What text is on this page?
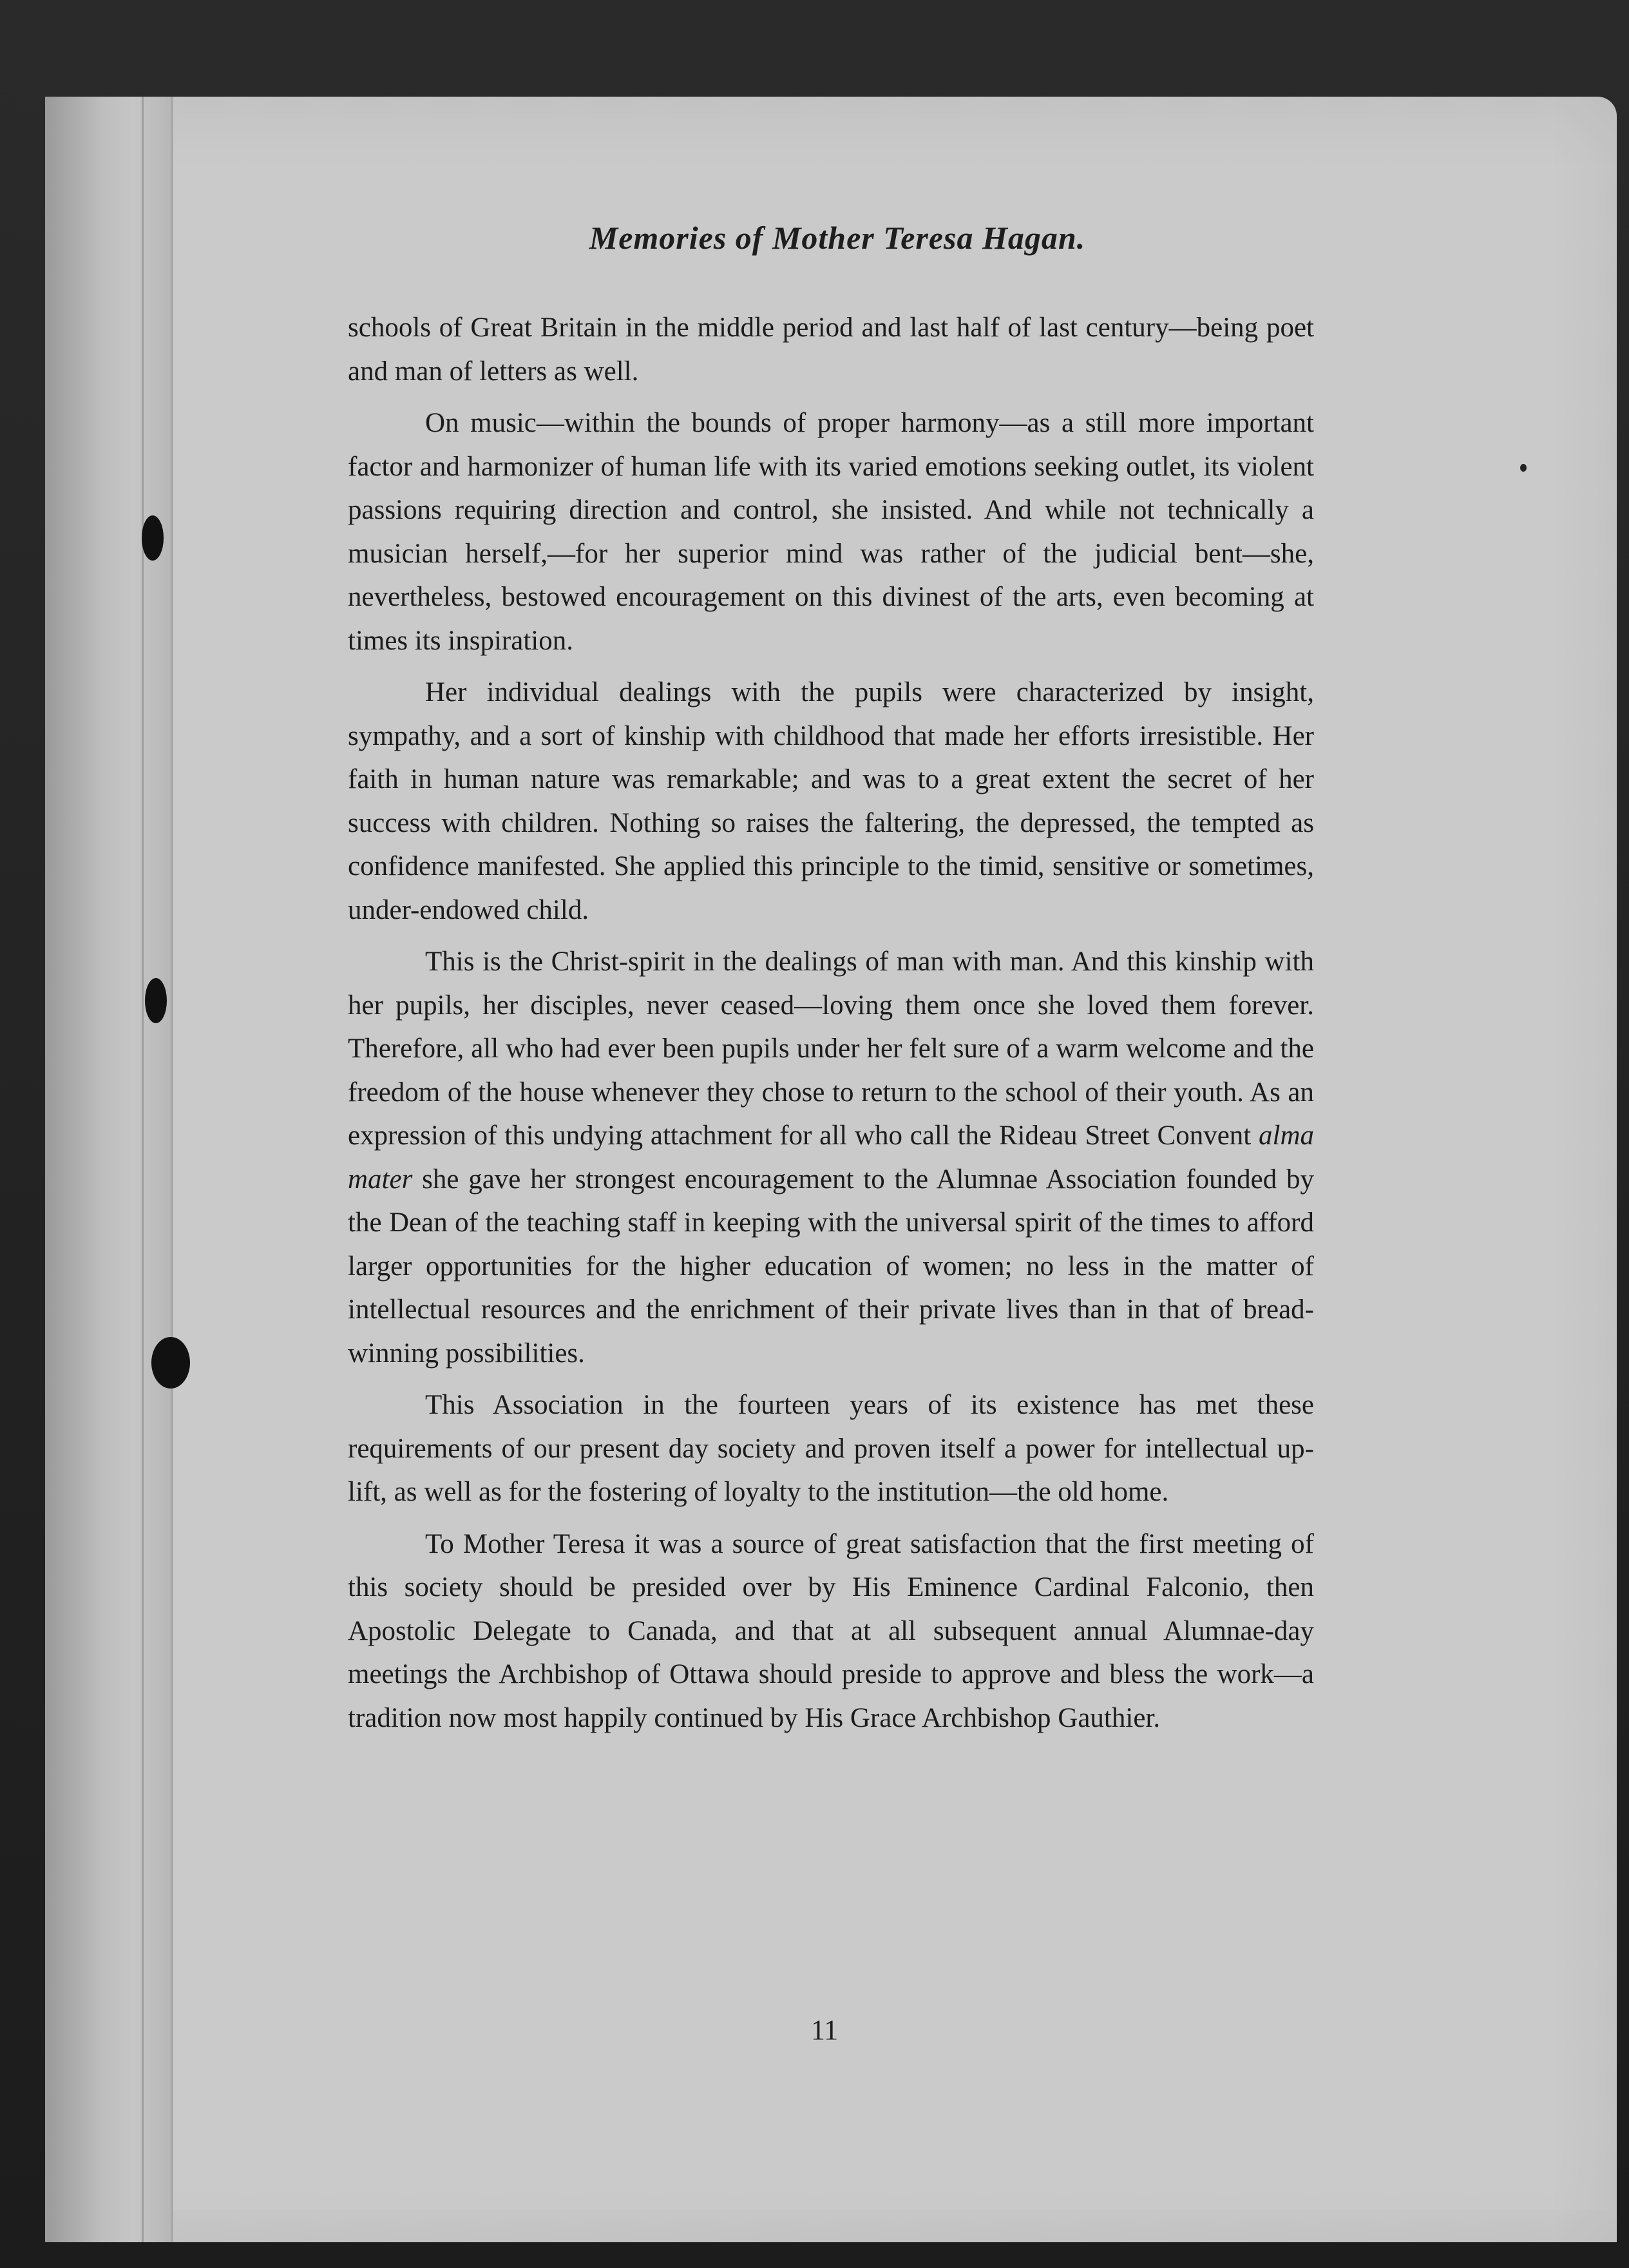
Memories of Mother Teresa Hagan.

schools of Great Britain in the middle period and last half of last century—being poet and man of letters as well.

On music—within the bounds of proper harmony—as a still more important factor and harmonizer of human life with its varied emotions seeking outlet, its violent passions requiring direction and control, she insisted. And while not technically a musician herself,—for her superior mind was rather of the judicial bent—she, nevertheless, bestowed encouragement on this divinest of the arts, even becoming at times its inspiration.

Her individual dealings with the pupils were characterized by insight, sympathy, and a sort of kinship with childhood that made her efforts irresistible. Her faith in human nature was remarkable; and was to a great extent the secret of her success with children. Nothing so raises the faltering, the depressed, the tempted as confidence manifested. She applied this principle to the timid, sensitive or sometimes, under-endowed child.

This is the Christ-spirit in the dealings of man with man. And this kinship with her pupils, her disciples, never ceased—loving them once she loved them forever. Therefore, all who had ever been pupils under her felt sure of a warm welcome and the freedom of the house whenever they chose to return to the school of their youth. As an expression of this undying attachment for all who call the Rideau Street Convent alma mater she gave her strongest encouragement to the Alumnae Association founded by the Dean of the teaching staff in keeping with the universal spirit of the times to afford larger opportunities for the higher education of women; no less in the matter of intellectual resources and the enrichment of their private lives than in that of bread-winning possibilities.

This Association in the fourteen years of its existence has met these requirements of our present day society and proven itself a power for intellectual up-lift, as well as for the fostering of loyalty to the institution—the old home.

To Mother Teresa it was a source of great satisfaction that the first meeting of this society should be presided over by His Eminence Cardinal Falconio, then Apostolic Delegate to Canada, and that at all subsequent annual Alumnae-day meetings the Archbishop of Ottawa should preside to approve and bless the work—a tradition now most happily continued by His Grace Archbishop Gauthier.

11
